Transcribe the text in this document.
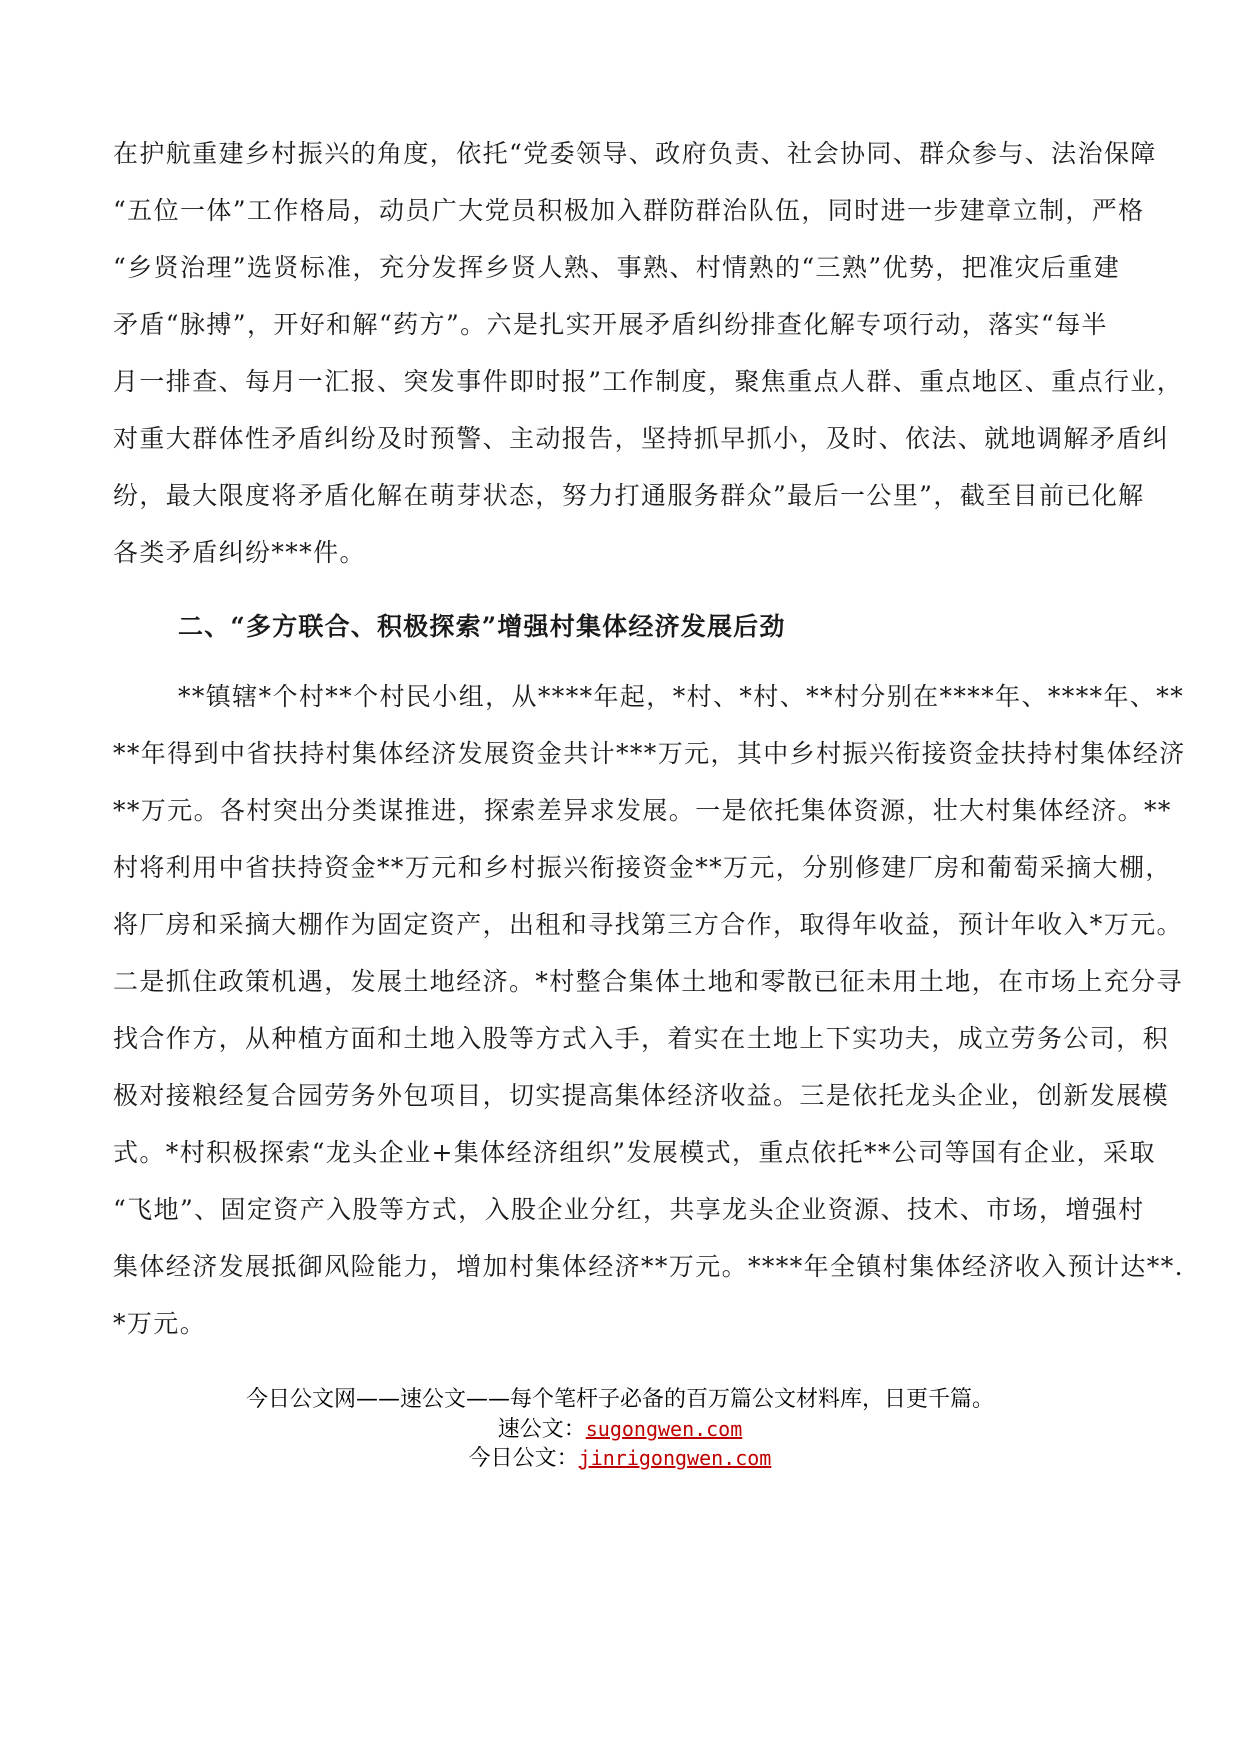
在护航重建乡村振兴的角度，依托“党委领导、政府负责、社会协同、群众参与、法治保障
“五位一体”工作格局，动员广大党员积极加入群防群治队伍，同时进一步建章立制，严格
“乡贤治理”选贤标准，充分发挥乡贤人熟、事熟、村情熟的“三熟”优势，把准灾后重建
矛盾“脉搏”，开好和解“药方”。六是扎实开展矛盾纠纷排查化解专项行动，落实“每半
月一排查、每月一汇报、突发事件即时报”工作制度，聚焦重点人群、重点地区、重点行业，
对重大群体性矛盾纠纷及时预警、主动报告，坚持抓早抓小，及时、依法、就地调解矛盾纠
纷，最大限度将矛盾化解在萌芽状态，努力打通服务群众”最后一公里”，截至目前已化解
各类矛盾纠纷***件。
二、“多方联合、积极探索”增强村集体经济发展后劲
**镇辖*个村**个村民小组，从****年起，*村、*村、**村分别在****年、****年、**
**年得到中省扶持村集体经济发展资金共计***万元，其中乡村振兴衔接资金扶持村集体经济
**万元。各村突出分类谋推进，探索差异求发展。一是依托集体资源，壮大村集体经济。**
村将利用中省扶持资金**万元和乡村振兴衔接资金**万元，分别修建厂房和葡萄采摘大棚，
将厂房和采摘大棚作为固定资产，出租和寻找第三方合作，取得年收益，预计年收入*万元。
二是抓住政策机遇，发展土地经济。*村整合集体土地和零散已征未用土地，在市场上充分寻
找合作方，从种植方面和土地入股等方式入手，着实在土地上下实功夫，成立劳务公司，积
极对接粮经复合园劳务外包项目，切实提高集体经济收益。三是依托龙头企业，创新发展模
式。*村积极探索“龙头企业+集体经济组织”发展模式，重点依托**公司等国有企业，采取
“飞地”、固定资产入股等方式，入股企业分红，共享龙头企业资源、技术、市场，增强村
集体经济发展抵御风险能力，增加村集体经济**万元。****年全镇村集体经济收入预计达**.
*万元。
今日公文网——速公文——每个笔杆子必备的百万篇公文材料库，日更千篇。
速公文：sugongwen.com
今日公文：jinrigongwen.com
